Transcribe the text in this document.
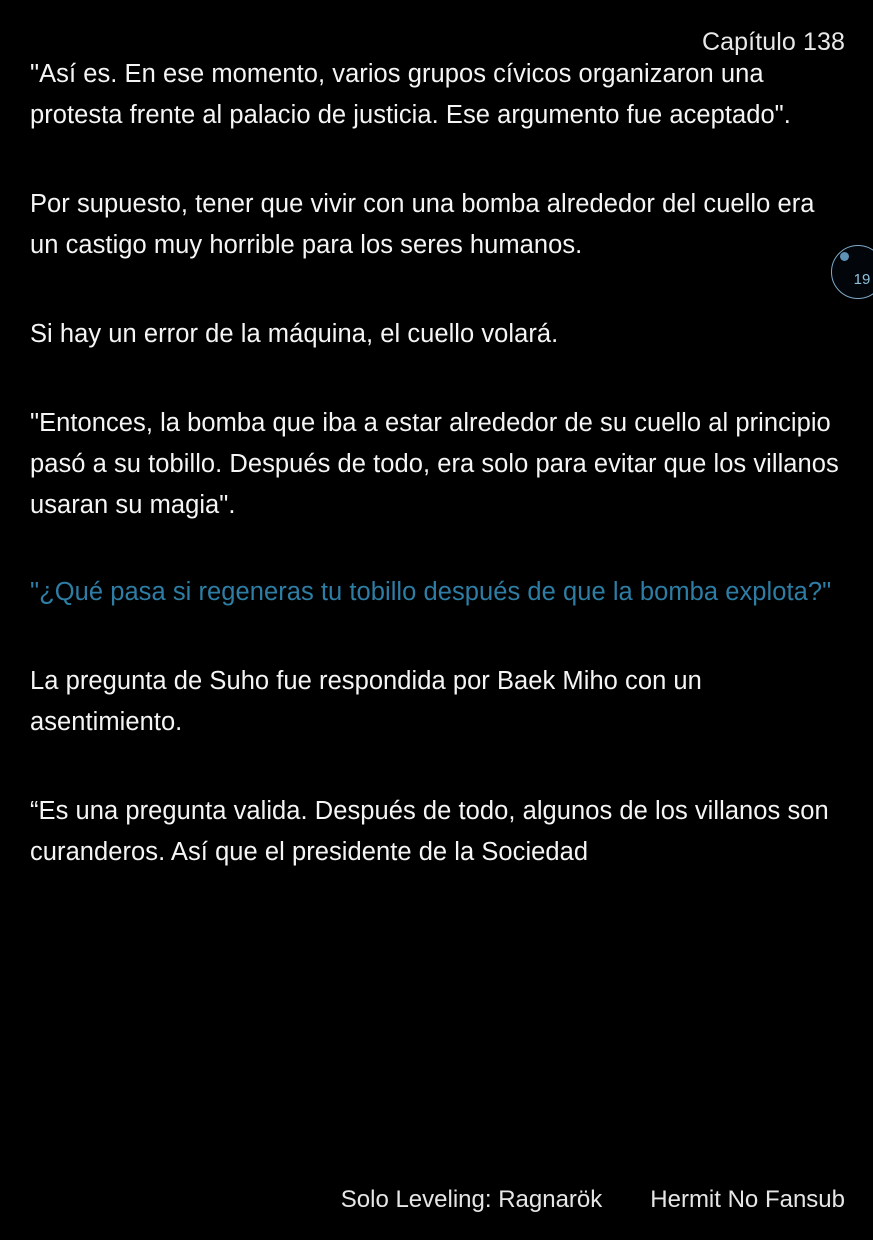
Capítulo 138

"Así es. En ese momento, varios grupos cívicos organizaron una protesta frente al palacio de justicia. Ese argumento fue aceptado".

Por supuesto, tener que vivir con una bomba alrededor del cuello era un castigo muy horrible para los seres humanos.

Si hay un error de la máquina, el cuello volará.

"Entonces, la bomba que iba a estar alrededor de su cuello al principio pasó a su tobillo. Después de todo, era solo para evitar que los villanos usaran su magia".

"¿Qué pasa si regeneras tu tobillo después de que la bomba explota?"

La pregunta de Suho fue respondida por Baek Miho con un asentimiento.

“Es una pregunta valida. Después de todo, algunos de los villanos son curanderos. Así que el presidente de la Sociedad

19
Solo Leveling: Ragnarök Hermit No Fansub
